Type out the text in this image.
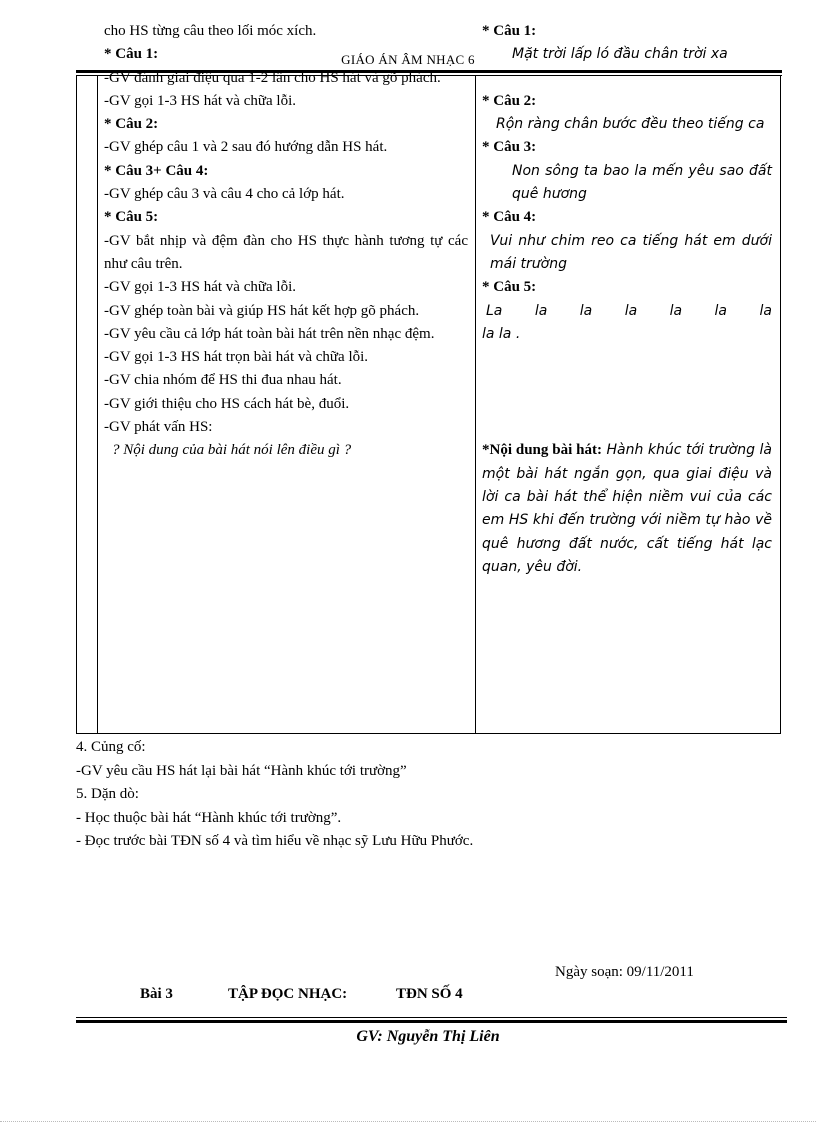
GIÁO ÁN ÂM NHẠC 6

cho HS từng câu theo lối móc xích.

* Câu 1:

-GV đánh giai điệu qua 1-2 lần cho HS hát và gõ phách.

-GV gọi 1-3 HS hát và chữa lỗi.

* Câu 2:

-GV ghép câu 1 và 2 sau đó hướng dẫn HS hát.

* Câu 3+ Câu 4:

-GV ghép câu 3 và câu 4 cho cả lớp hát.

* Câu 5:

-GV bắt nhịp và đệm đàn cho HS thực hành tương tự các như câu trên.

-GV gọi 1-3 HS hát và chữa lỗi.

-GV ghép toàn bài và giúp HS hát kết hợp gõ phách.

-GV yêu cầu cả lớp hát toàn bài hát trên nền nhạc đệm.

-GV gọi 1-3 HS hát trọn bài hát và chữa lỗi.

-GV chia nhóm để HS thi đua nhau hát.

-GV giới thiệu cho HS cách hát bè, đuổi.

-GV phát vấn HS:

? Nội dung của bài hát nói lên điều gì ?

* Câu 1:

Mặt trời lấp ló đầu chân trời xa

* Câu 2:

Rộn ràng chân bước đều theo tiếng ca

* Câu 3:

Non sông ta bao la mến yêu sao đất quê hương

* Câu 4:

Vui như chim reo ca tiếng hát em dưới mái trường

* Câu 5:

La la la la la la la

la la .

*Nội dung bài hát: Hành khúc tới trường là một bài hát ngắn gọn, qua giai điệu và lời ca bài hát thể hiện niềm vui của các em HS khi đến trường với niềm tự hào về quê hương đất nước, cất tiếng hát lạc quan, yêu đời.

4. Củng cố:

-GV yêu cầu HS hát lại bài hát “Hành khúc tới trường”

5. Dặn dò:

- Học thuộc bài hát “Hành khúc tới trường”.

- Đọc trước bài TĐN số 4 và tìm hiểu về nhạc sỹ Lưu Hữu Phước.

Ngày soạn: 09/11/2011
Bài 3	TẬP ĐỌC NHẠC:	TĐN SỐ 4
GV: Nguyễn Thị Liên
